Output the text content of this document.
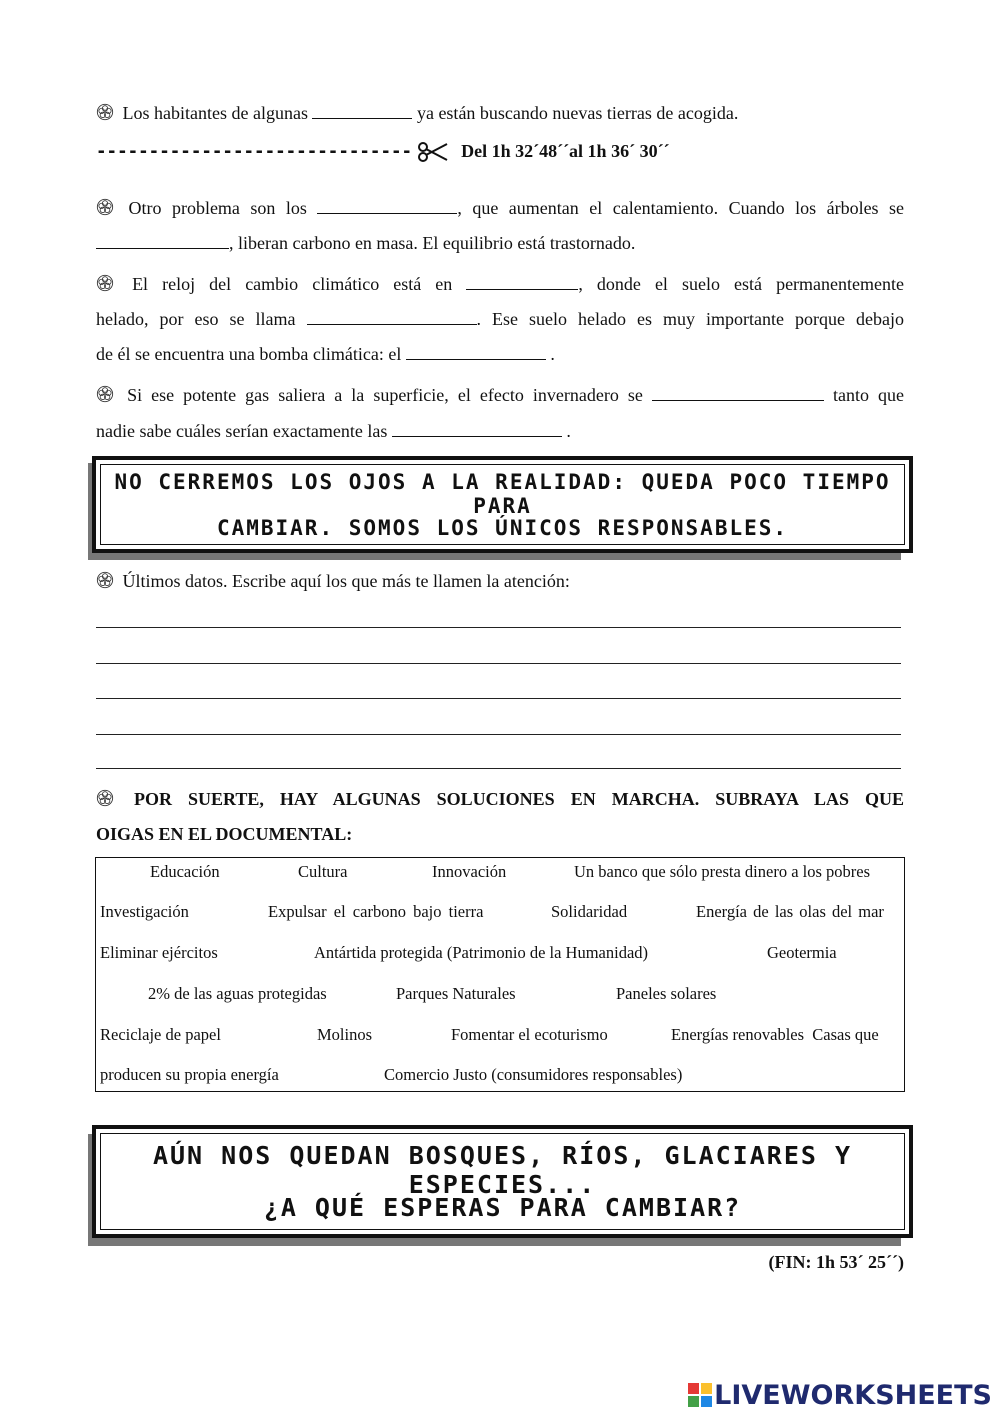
Los habitantes de algunas	ya están buscando nuevas tierras de acogida.
------------------------------	Del 1h 32´48´´al 1h 36´ 30´´
Otro problema son los	, que aumentan el calentamiento. Cuando los árboles se
, liberan carbono en masa. El equilibrio está trastornado.
El reloj del cambio climático está en	, donde el suelo está permanentemente
helado, por eso se llama	. Ese suelo helado es muy importante porque debajo
de él se encuentra una bomba climática: el	.
Si ese potente gas saliera a la superficie, el efecto invernadero se	tanto que
nadie sabe cuáles serían exactamente las	.
NO CERREMOS LOS OJOS A LA REALIDAD: QUEDA POCO TIEMPO PARA
CAMBIAR. SOMOS LOS ÚNICOS RESPONSABLES.
Últimos datos. Escribe aquí los que más te llamen la atención:
POR SUERTE, HAY ALGUNAS SOLUCIONES EN MARCHA. SUBRAYA LAS QUE
OIGAS EN EL DOCUMENTAL:
Educación	Cultura	Innovación	Un banco que sólo presta dinero a los pobres
Investigación	Expulsar el carbono bajo tierra	Solidaridad	Energía de las olas del mar
Eliminar ejércitos	Antártida protegida (Patrimonio de la Humanidad)	Geotermia
2% de las aguas protegidas	Parques Naturales	Paneles solares
Reciclaje de papel	Molinos	Fomentar el ecoturismo	Energías renovables  Casas que
producen su propia energía	Comercio Justo (consumidores responsables)
AÚN NOS QUEDAN BOSQUES, RÍOS, GLACIARES Y ESPECIES...
¿A QUÉ ESPERAS PARA CAMBIAR?
(FIN: 1h 53´ 25´´)
LIVEWORKSHEETS
